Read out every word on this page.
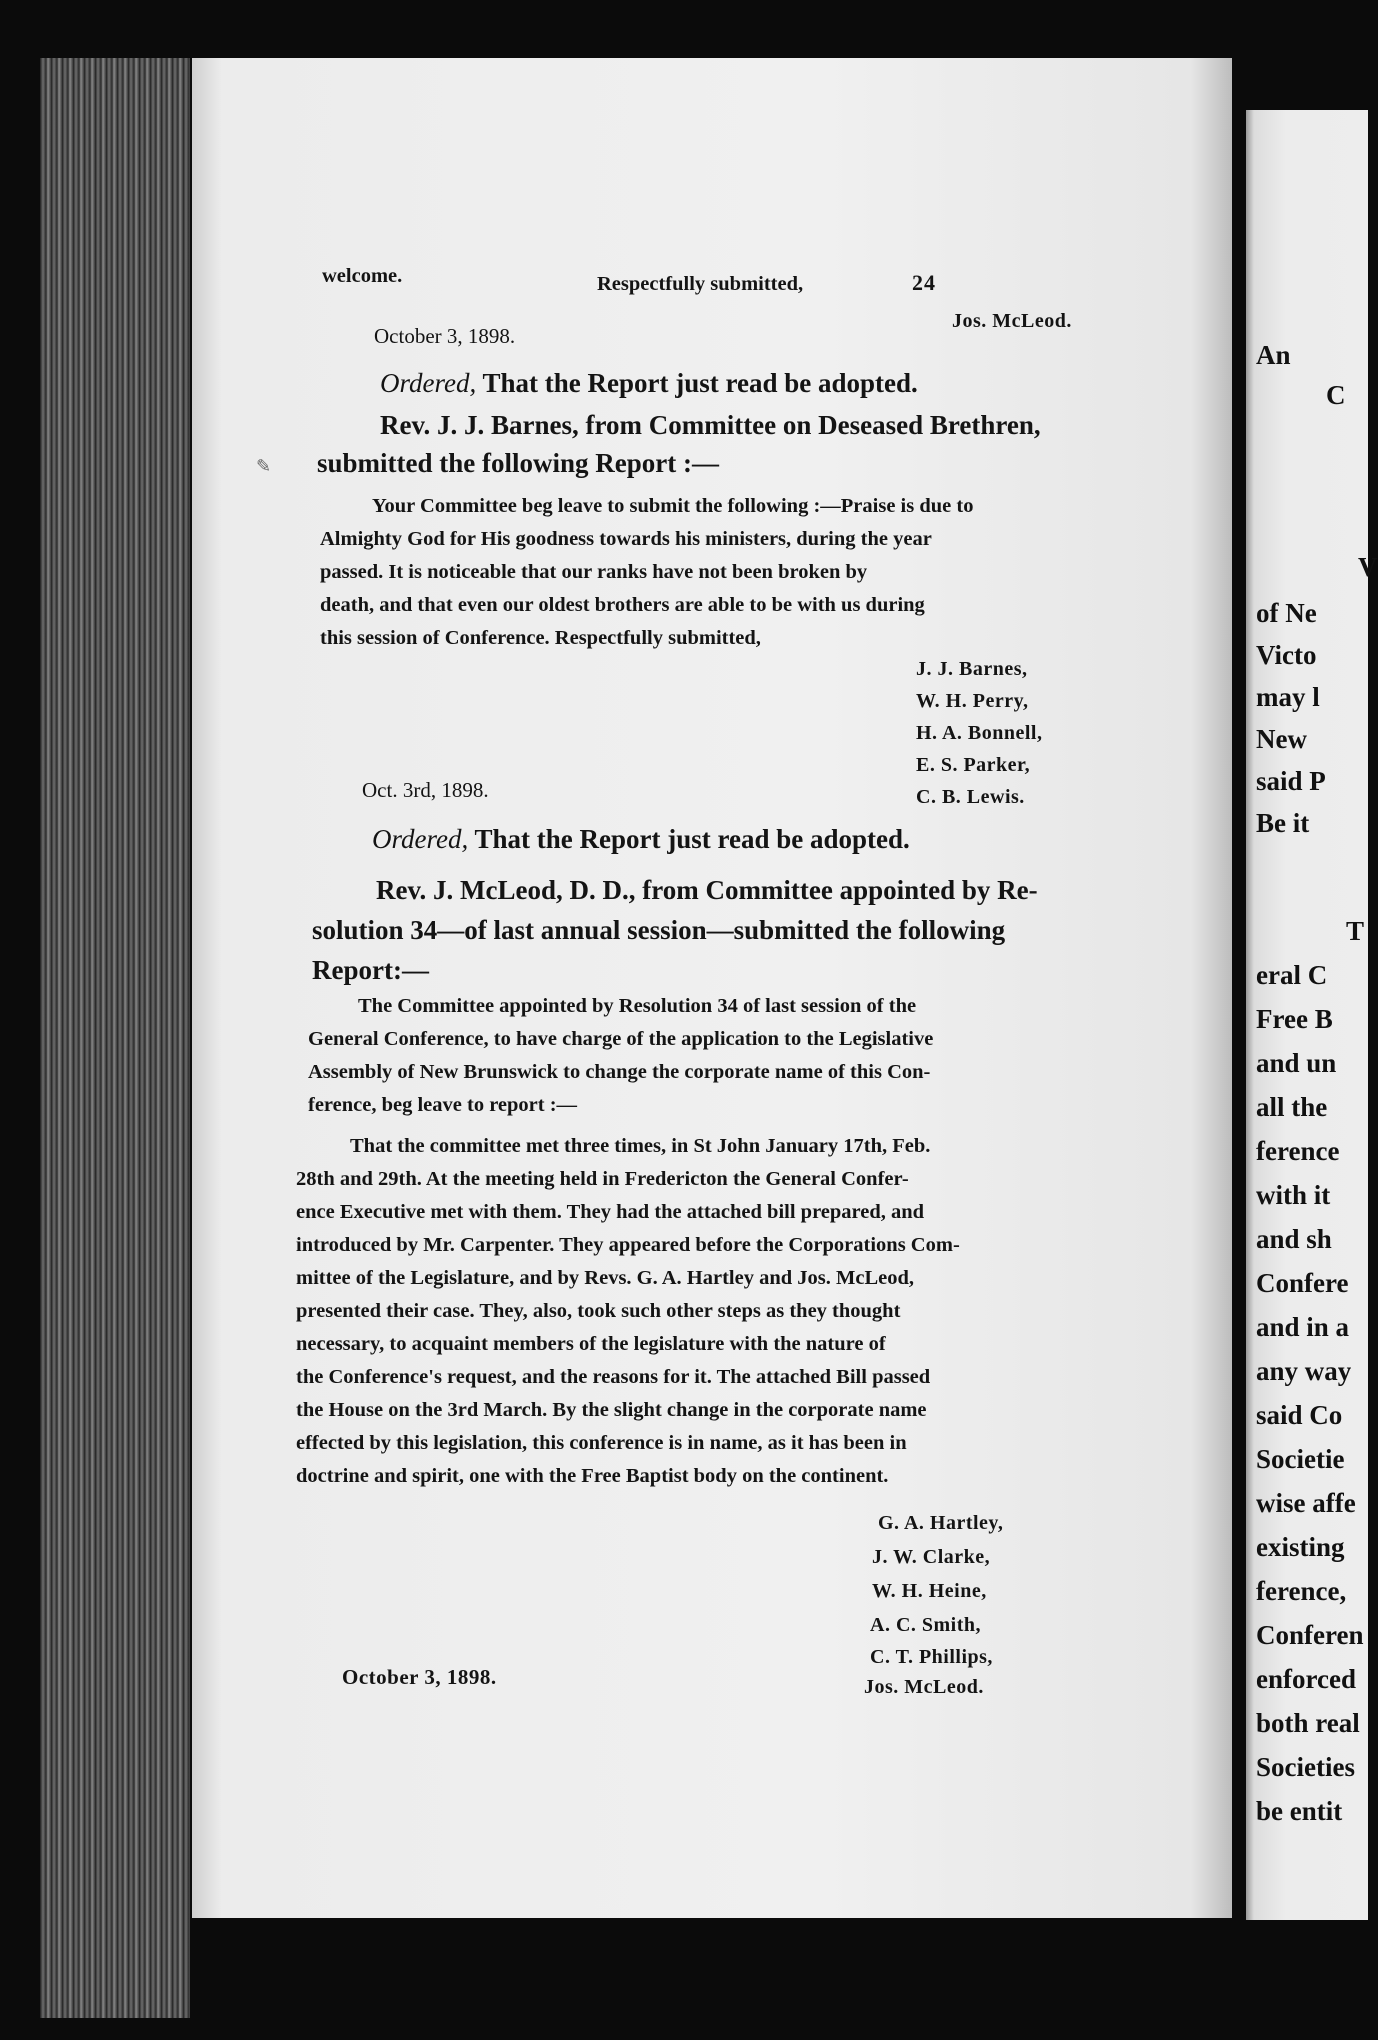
24
welcome.	Respectfully submitted,
Jos. McLeod.
October 3, 1898.
Ordered, That the Report just read be adopted.
Rev. J. J. Barnes, from Committee on Deseased Brethren,
submitted the following Report :—

Your Committee beg leave to submit the following :—Praise is due to

Almighty God for His goodness towards his ministers, during the year

passed. It is noticeable that our ranks have not been broken by

death, and that even our oldest brothers are able to be with us during

this session of Conference. Respectfully submitted,

J. J. Barnes,
W. H. Perry,
H. A. Bonnell,
E. S. Parker,
C. B. Lewis.
Oct. 3rd, 1898.
Ordered, That the Report just read be adopted.

Rev. J. McLeod, D. D., from Committee appointed by Re-

solution 34—of last annual session—submitted the following

Report:—

The Committee appointed by Resolution 34 of last session of the

General Conference, to have charge of the application to the Legislative

Assembly of New Brunswick to change the corporate name of this Con-

ference, beg leave to report :—

That the committee met three times, in St John January 17th, Feb.

28th and 29th. At the meeting held in Fredericton the General Confer-

ence Executive met with them. They had the attached bill prepared, and

introduced by Mr. Carpenter. They appeared before the Corporations Com-

mittee of the Legislature, and by Revs. G. A. Hartley and Jos. McLeod,

presented their case. They, also, took such other steps as they thought

necessary, to acquaint members of the legislature with the nature of

the Conference's request, and the reasons for it. The attached Bill passed

the House on the 3rd March. By the slight change in the corporate name

effected by this legislation, this conference is in name, as it has been in

doctrine and spirit, one with the Free Baptist body on the continent.

G. A. Hartley,
J. W. Clarke,
W. H. Heine,
A. C. Smith,
C. T. Phillips,
Jos. McLeod.
October 3, 1898.
✎
An
C
V
of Ne
Victo
may l
New
said P
Be it
T
eral C
Free B
and un
all the
ference
with it
and sh
Confere
and in a
any way
said Co
Societie
wise affe
existing
ference,
Conferen
enforced
both real
Societies
be entit
